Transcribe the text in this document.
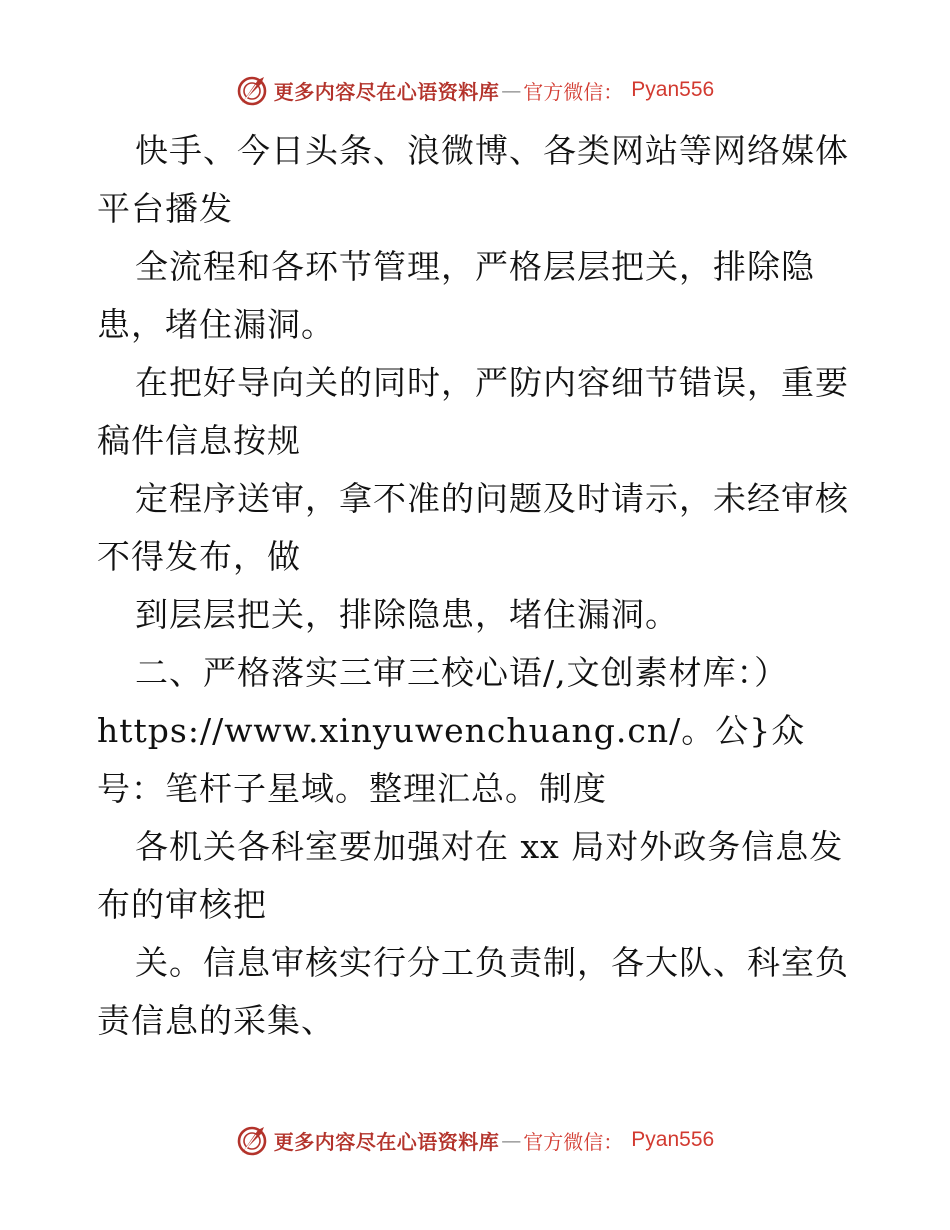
更多内容尽在心语资料库 — 官方微信： Pyan556

快手、今日头条、浪微博、各类网站等网络媒体平台播发

全流程和各环节管理，严格层层把关，排除隐患，堵住漏洞。

在把好导向关的同时，严防内容细节错误，重要稿件信息按规

定程序送审，拿不准的问题及时请示，未经审核不得发布，做

到层层把关，排除隐患，堵住漏洞。

二、严格落实三审三校心语/,文创素材库：）

https://www.xinyuwenchuang.cn/。公}众号：笔杆子星域。整理汇总。制度

各机关各科室要加强对在 xx 局对外政务信息发布的审核把

关。信息审核实行分工负责制，各大队、科室负责信息的采集、

更多内容尽在心语资料库 — 官方微信： Pyan556
